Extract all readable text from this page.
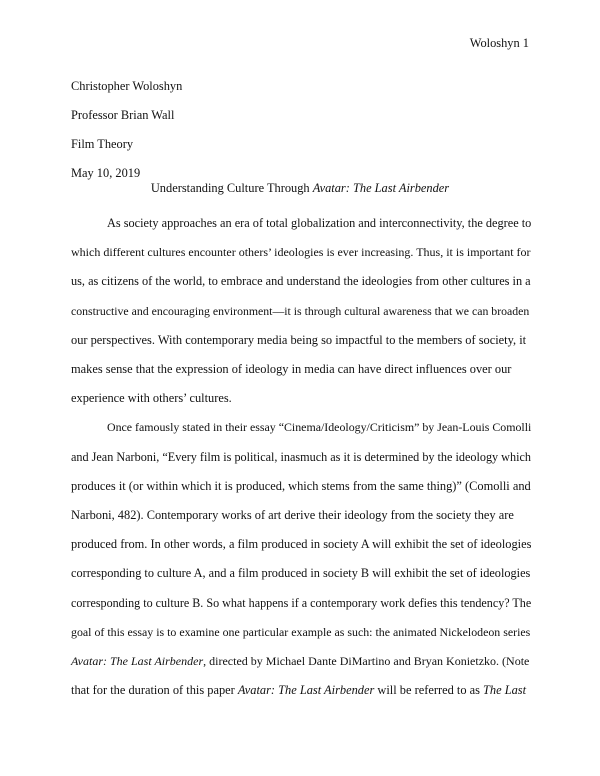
Woloshyn 1
Christopher Woloshyn
Professor Brian Wall
Film Theory
May 10, 2019
Understanding Culture Through Avatar: The Last Airbender
As society approaches an era of total globalization and interconnectivity, the degree to
which different cultures encounter others’ ideologies is ever increasing. Thus, it is important for
us, as citizens of the world, to embrace and understand the ideologies from other cultures in a
constructive and encouraging environment—it is through cultural awareness that we can broaden
our perspectives. With contemporary media being so impactful to the members of society, it
makes sense that the expression of ideology in media can have direct influences over our
experience with others’ cultures.
Once famously stated in their essay “Cinema/Ideology/Criticism” by Jean-Louis Comolli
and Jean Narboni, “Every film is political, inasmuch as it is determined by the ideology which
produces it (or within which it is produced, which stems from the same thing)” (Comolli and
Narboni, 482). Contemporary works of art derive their ideology from the society they are
produced from. In other words, a film produced in society A will exhibit the set of ideologies
corresponding to culture A, and a film produced in society B will exhibit the set of ideologies
corresponding to culture B. So what happens if a contemporary work defies this tendency? The
goal of this essay is to examine one particular example as such: the animated Nickelodeon series
Avatar: The Last Airbender, directed by Michael Dante DiMartino and Bryan Konietzko. (Note
that for the duration of this paper Avatar: The Last Airbender will be referred to as The Last
